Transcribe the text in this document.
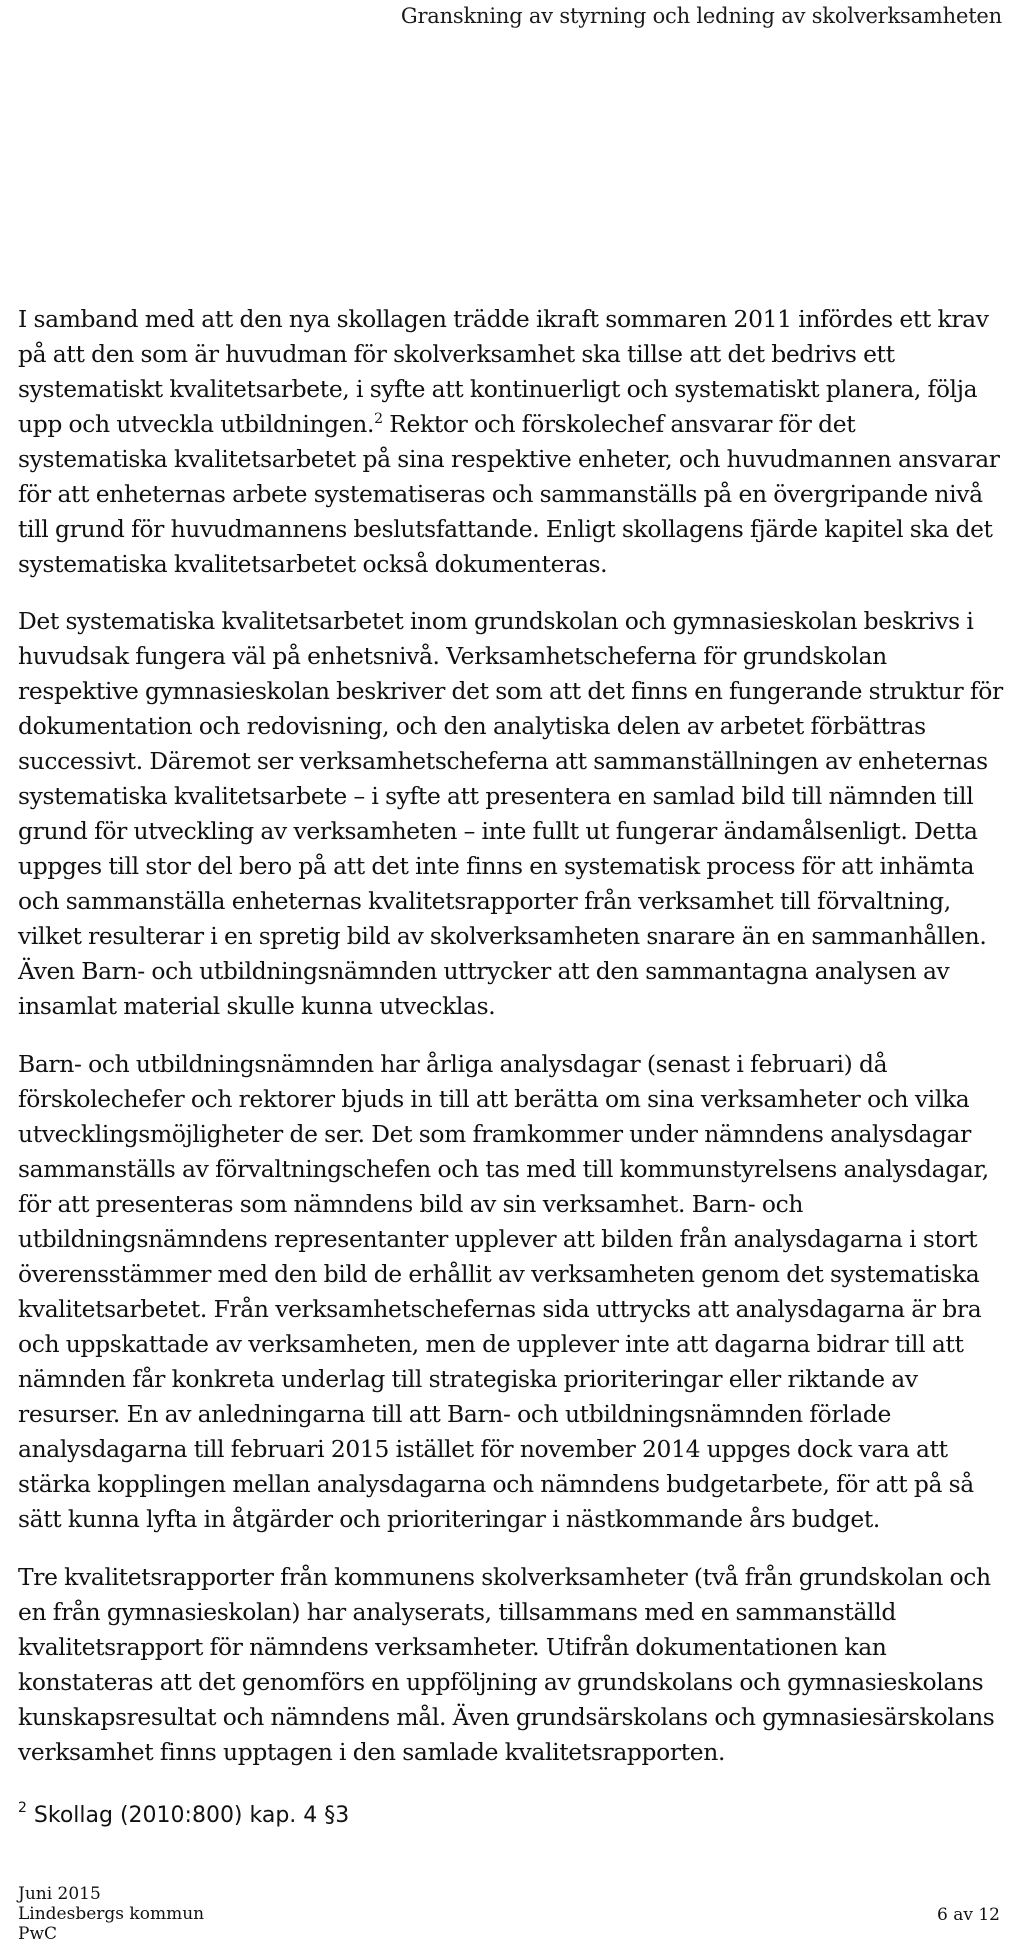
Granskning av styrning och ledning av skolverksamheten

I samband med att den nya skollagen trädde ikraft sommaren 2011 infördes ett krav på att den som är huvudman för skolverksamhet ska tillse att det bedrivs ett systematiskt kvalitetsarbete, i syfte att kontinuerligt och systematiskt planera, följa upp och utveckla utbildningen.$^2$ Rektor och förskolechef ansvarar för det systematiska kvalitetsarbetet på sina respektive enheter, och huvudmannen ansvarar för att enheternas arbete systematiseras och sammanställs på en övergripande nivå till grund för huvudmannens beslutsfattande. Enligt skollagens fjärde kapitel ska det systematiska kvalitetsarbetet också dokumenteras.

Det systematiska kvalitetsarbetet inom grundskolan och gymnasieskolan beskrivs i huvudsak fungera väl på enhetsnivå. Verksamhetscheferna för grundskolan respektive gymnasieskolan beskriver det som att det finns en fungerande struktur för dokumentation och redovisning, och den analytiska delen av arbetet förbättras successivt. Däremot ser verksamhetscheferna att sammanställningen av enheternas systematiska kvalitetsarbete – i syfte att presentera en samlad bild till nämnden till grund för utveckling av verksamheten – inte fullt ut fungerar ändamålsenligt. Detta uppges till stor del bero på att det inte finns en systematisk process för att inhämta och sammanställa enheternas kvalitetsrapporter från verksamhet till förvaltning, vilket resulterar i en spretig bild av skolverksamheten snarare än en sammanhållen. Även Barn- och utbildningsnämnden uttrycker att den sammantagna analysen av insamlat material skulle kunna utvecklas.

Barn- och utbildningsnämnden har årliga analysdagar (senast i februari) då förskolechefer och rektorer bjuds in till att berätta om sina verksamheter och vilka utvecklingsmöjligheter de ser. Det som framkommer under nämndens analysdagar sammanställs av förvaltningschefen och tas med till kommunstyrelsens analysdagar, för att presenteras som nämndens bild av sin verksamhet. Barn- och utbildningsnämndens representanter upplever att bilden från analysdagarna i stort överensstämmer med den bild de erhållit av verksamheten genom det systematiska kvalitetsarbetet. Från verksamhetschefernas sida uttrycks att analysdagarna är bra och uppskattade av verksamheten, men de upplever inte att dagarna bidrar till att nämnden får konkreta underlag till strategiska prioriteringar eller riktande av resurser. En av anledningarna till att Barn- och utbildningsnämnden förlade analysdagarna till februari 2015 istället för november 2014 uppges dock vara att stärka kopplingen mellan analysdagarna och nämndens budgetarbete, för att på så sätt kunna lyfta in åtgärder och prioriteringar i nästkommande års budget.

Tre kvalitetsrapporter från kommunens skolverksamheter (två från grundskolan och en från gymnasieskolan) har analyserats, tillsammans med en sammanställd kvalitetsrapport för nämndens verksamheter. Utifrån dokumentationen kan konstateras att det genomförs en uppföljning av grundskolans och gymnasieskolans kunskapsresultat och nämndens mål. Även grundsärskolans och gymnasiesärskolans verksamhet finns upptagen i den samlade kvalitetsrapporten.

$^2$ Skollag (2010:800) kap. 4 §3
Juni 2015
Lindesbergs kommun
PwC
6 av 12
